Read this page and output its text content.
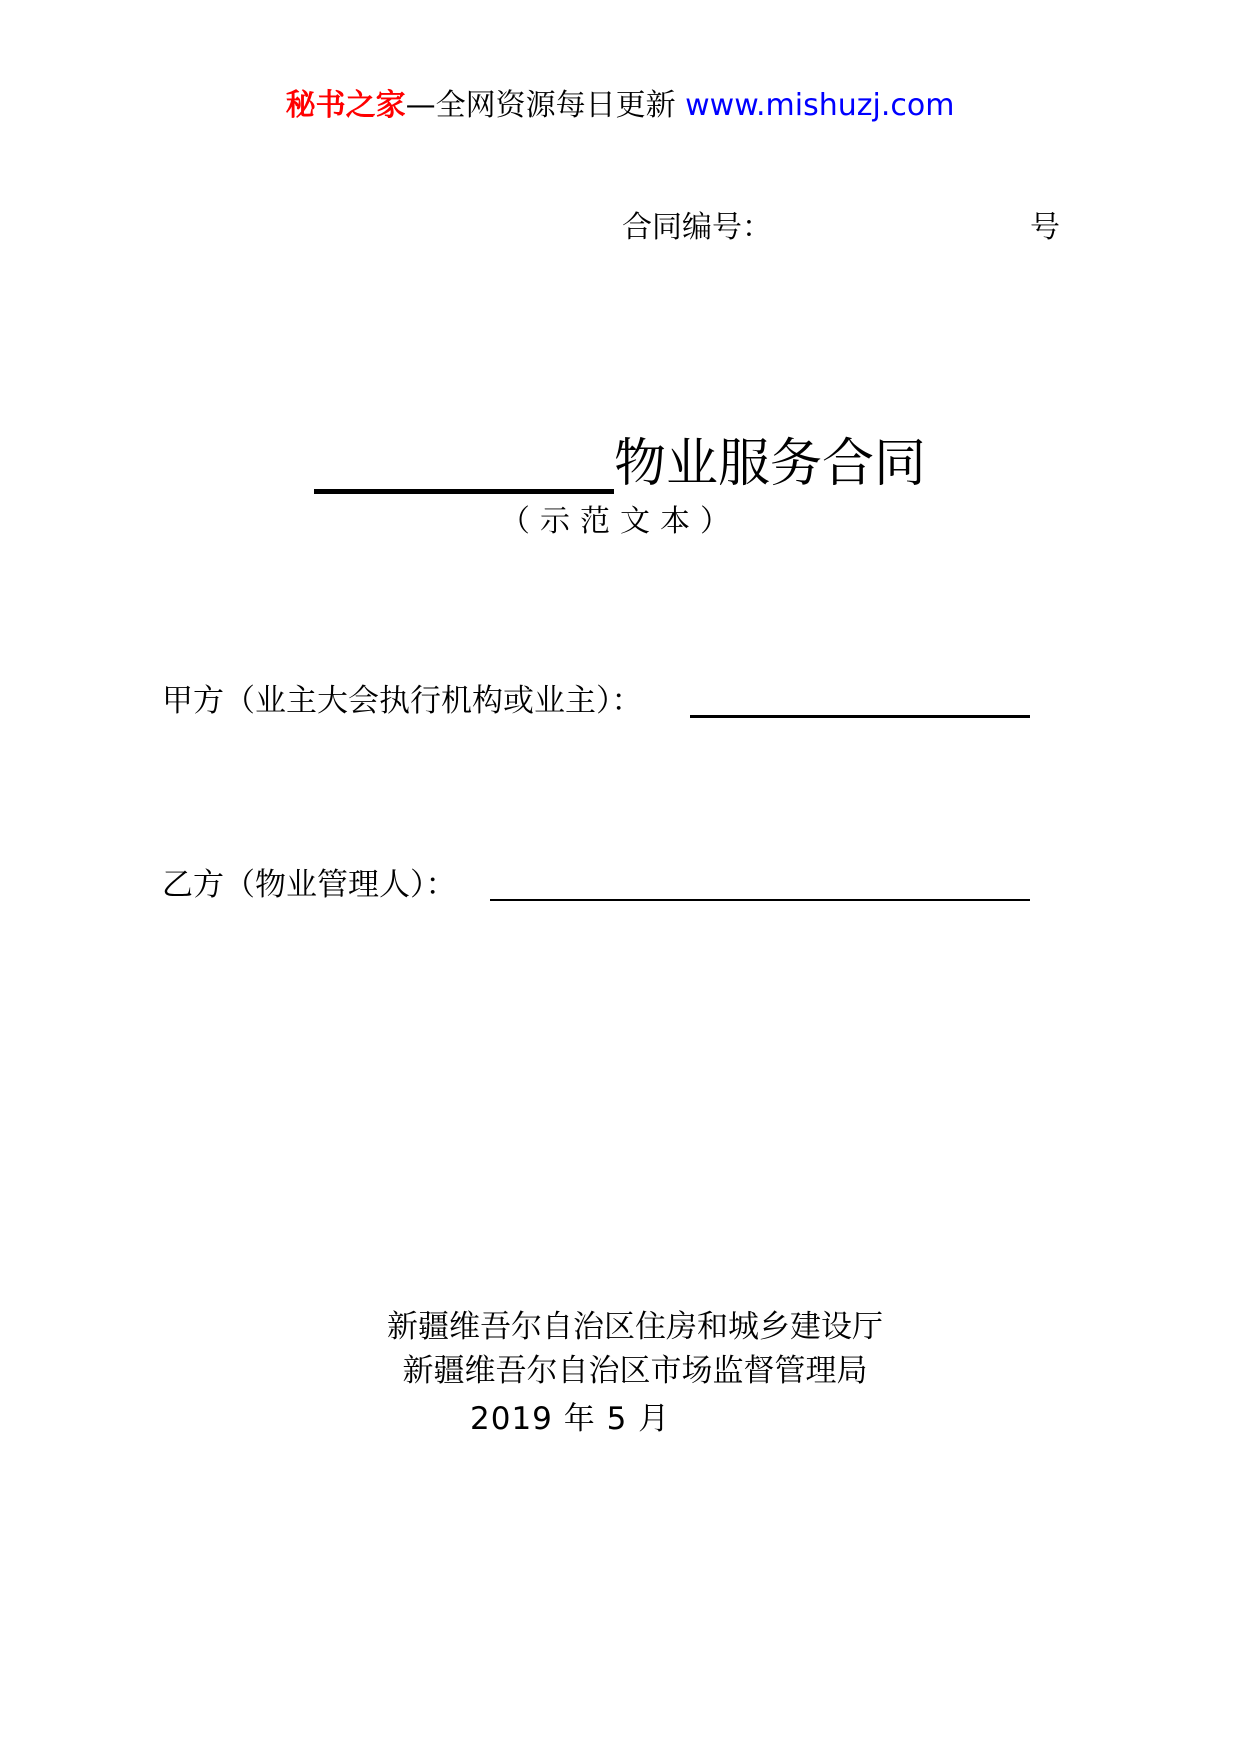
秘书之家—全网资源每日更新 www.mishuzj.com
合同编号：	号
物业服务合同
（示范文本）
甲方（业主大会执行机构或业主）：
乙方（物业管理人）：
新疆维吾尔自治区住房和城乡建设厅
新疆维吾尔自治区市场监督管理局
2019 年 5 月
